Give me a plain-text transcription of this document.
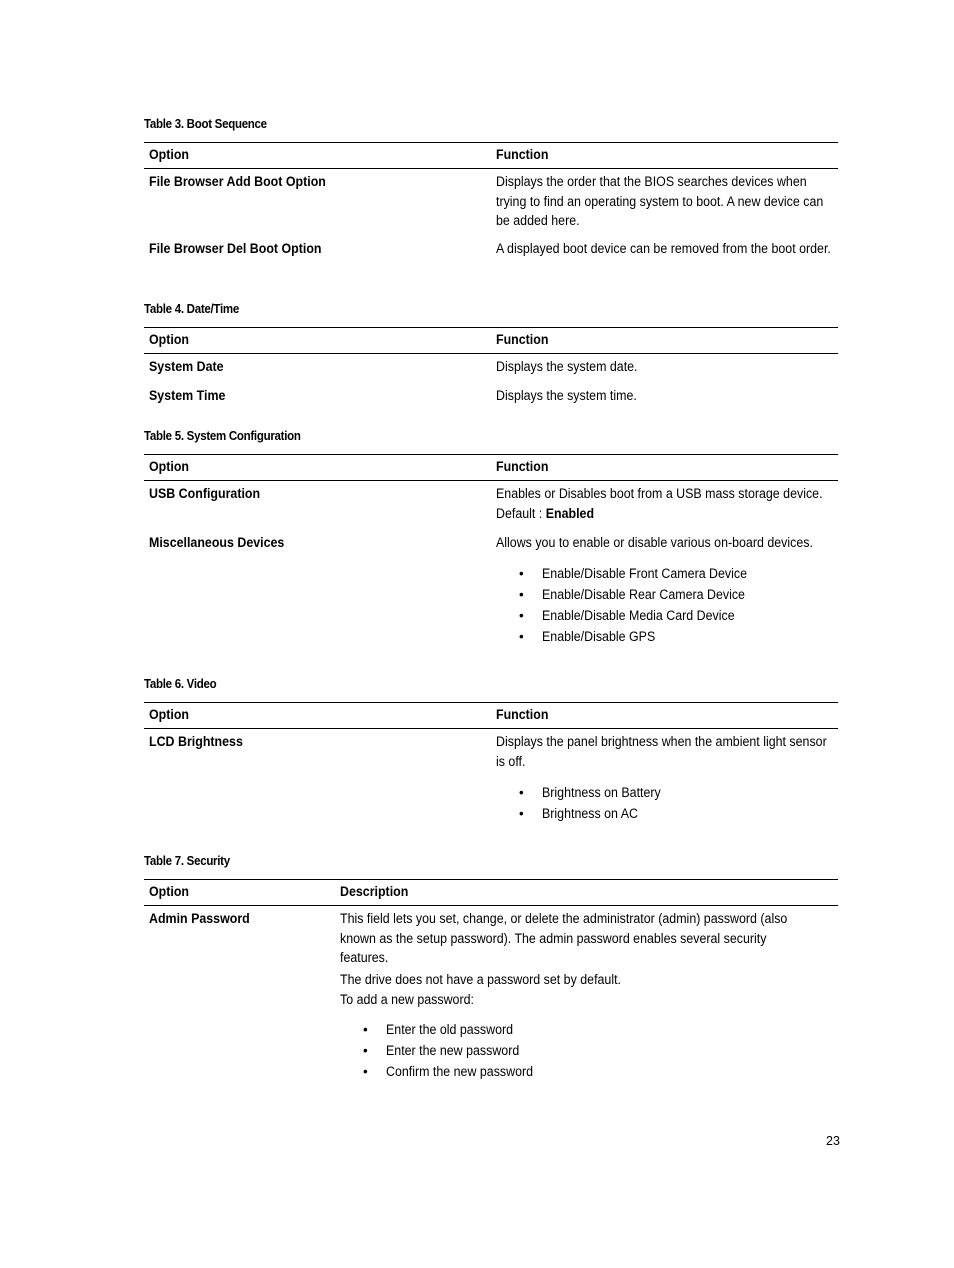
Table 3. Boot Sequence
Option	Function
File Browser Add Boot Option	Displays the order that the BIOS searches devices when trying to find an operating system to boot. A new device can be added here.
File Browser Del Boot Option	A displayed boot device can be removed from the boot order.
Table 4. Date/Time
Option	Function
System Date	Displays the system date.
System Time	Displays the system time.
Table 5. System Configuration
Option	Function
USB Configuration	Enables or Disables boot from a USB mass storage device.
Default : Enabled
Miscellaneous Devices	Allows you to enable or disable various on-board devices.
• Enable/Disable Front Camera Device
• Enable/Disable Rear Camera Device
• Enable/Disable Media Card Device
• Enable/Disable GPS
Table 6. Video
Option	Function
LCD Brightness	Displays the panel brightness when the ambient light sensor is off.
• Brightness on Battery
• Brightness on AC
Table 7. Security
Option	Description
Admin Password	This field lets you set, change, or delete the administrator (admin) password (also known as the setup password). The admin password enables several security features.
The drive does not have a password set by default.
To add a new password:
• Enter the old password
• Enter the new password
• Confirm the new password
23
